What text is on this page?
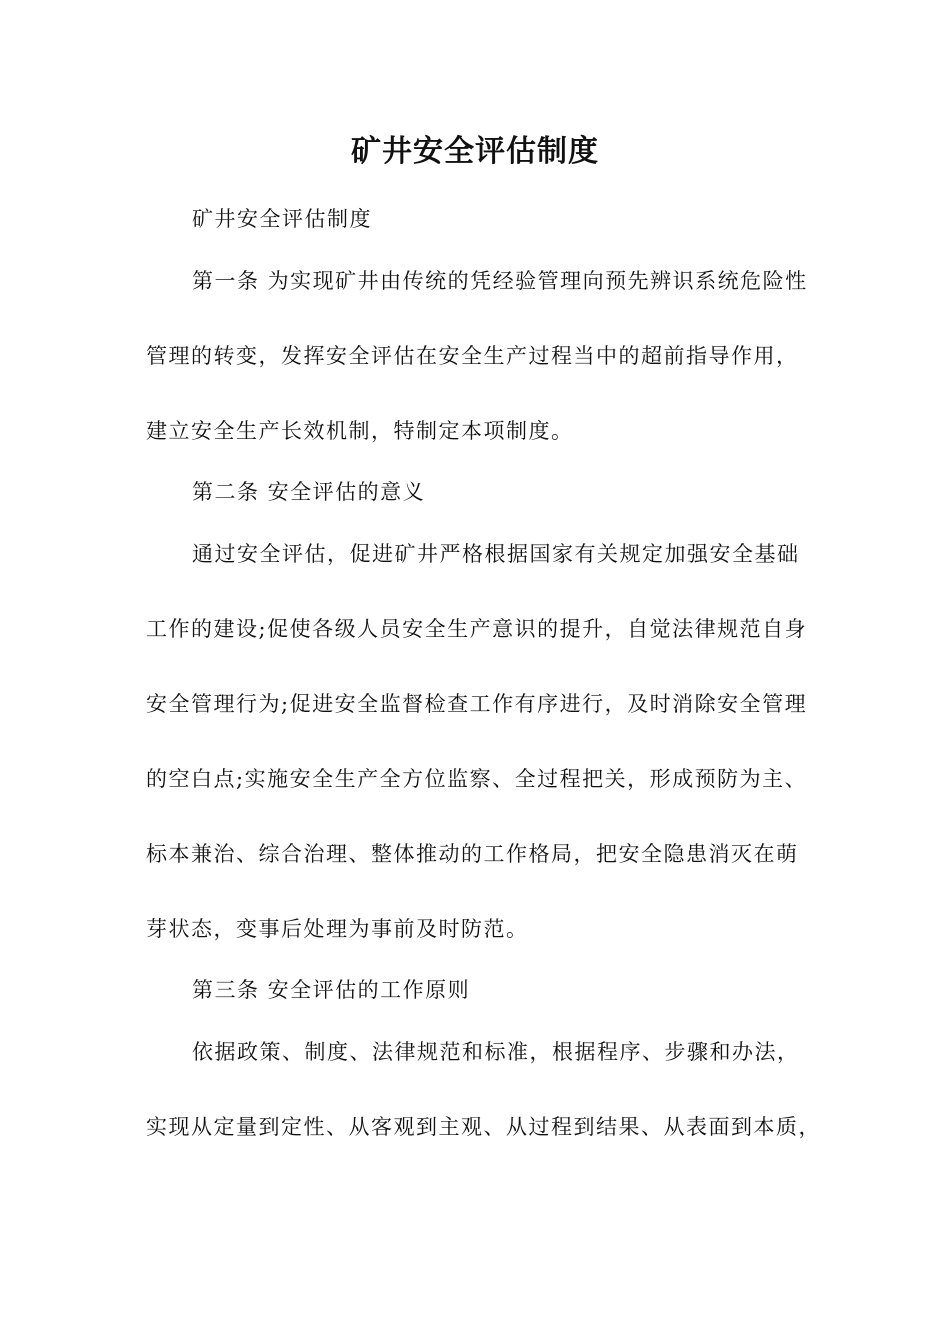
矿井安全评估制度
矿井安全评估制度
第一条 为实现矿井由传统的凭经验管理向预先辨识系统危险性
管理的转变，发挥安全评估在安全生产过程当中的超前指导作用，
建立安全生产长效机制，特制定本项制度。
第二条 安全评估的意义
通过安全评估，促进矿井严格根据国家有关规定加强安全基础
工作的建设;促使各级人员安全生产意识的提升，自觉法律规范自身
安全管理行为;促进安全监督检查工作有序进行，及时消除安全管理
的空白点;实施安全生产全方位监察、全过程把关，形成预防为主、
标本兼治、综合治理、整体推动的工作格局，把安全隐患消灭在萌
芽状态，变事后处理为事前及时防范。
第三条 安全评估的工作原则
依据政策、制度、法律规范和标准，根据程序、步骤和办法，
实现从定量到定性、从客观到主观、从过程到结果、从表面到本质，
